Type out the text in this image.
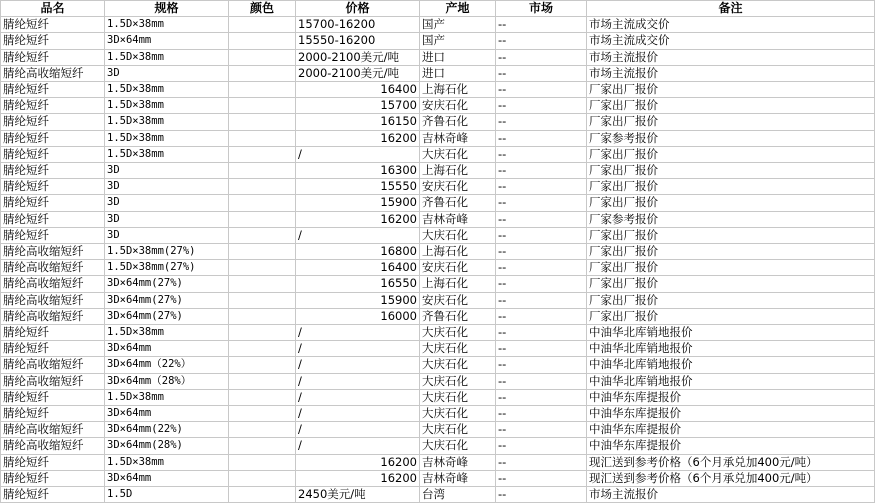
品名	规格	颜色	价格	产地	市场	备注
腈纶短纤	1.5D×38mm		15700-16200	国产	--	市场主流成交价
腈纶短纤	3D×64mm		15550-16200	国产	--	市场主流成交价
腈纶短纤	1.5D×38mm		2000-2100美元/吨	进口	--	市场主流报价
腈纶高收缩短纤	3D		2000-2100美元/吨	进口	--	市场主流报价
腈纶短纤	1.5D×38mm		16400	上海石化	--	厂家出厂报价
腈纶短纤	1.5D×38mm		15700	安庆石化	--	厂家出厂报价
腈纶短纤	1.5D×38mm		16150	齐鲁石化	--	厂家出厂报价
腈纶短纤	1.5D×38mm		16200	吉林奇峰	--	厂家参考报价
腈纶短纤	1.5D×38mm		/	大庆石化	--	厂家出厂报价
腈纶短纤	3D		16300	上海石化	--	厂家出厂报价
腈纶短纤	3D		15550	安庆石化	--	厂家出厂报价
腈纶短纤	3D		15900	齐鲁石化	--	厂家出厂报价
腈纶短纤	3D		16200	吉林奇峰	--	厂家参考报价
腈纶短纤	3D		/	大庆石化	--	厂家出厂报价
腈纶高收缩短纤	1.5D×38mm(27%)		16800	上海石化	--	厂家出厂报价
腈纶高收缩短纤	1.5D×38mm(27%)		16400	安庆石化	--	厂家出厂报价
腈纶高收缩短纤	3D×64mm(27%)		16550	上海石化	--	厂家出厂报价
腈纶高收缩短纤	3D×64mm(27%)		15900	安庆石化	--	厂家出厂报价
腈纶高收缩短纤	3D×64mm(27%)		16000	齐鲁石化	--	厂家出厂报价
腈纶短纤	1.5D×38mm		/	大庆石化	--	中油华北库销地报价
腈纶短纤	3D×64mm		/	大庆石化	--	中油华北库销地报价
腈纶高收缩短纤	3D×64mm（22%）		/	大庆石化	--	中油华北库销地报价
腈纶高收缩短纤	3D×64mm（28%）		/	大庆石化	--	中油华北库销地报价
腈纶短纤	1.5D×38mm		/	大庆石化	--	中油华东库提报价
腈纶短纤	3D×64mm		/	大庆石化	--	中油华东库提报价
腈纶高收缩短纤	3D×64mm(22%)		/	大庆石化	--	中油华东库提报价
腈纶高收缩短纤	3D×64mm(28%)		/	大庆石化	--	中油华东库提报价
腈纶短纤	1.5D×38mm		16200	吉林奇峰	--	现汇送到参考价格（6个月承兑加400元/吨）
腈纶短纤	3D×64mm		16200	吉林奇峰	--	现汇送到参考价格（6个月承兑加400元/吨）
腈纶短纤	1.5D		2450美元/吨	台湾	--	市场主流报价
